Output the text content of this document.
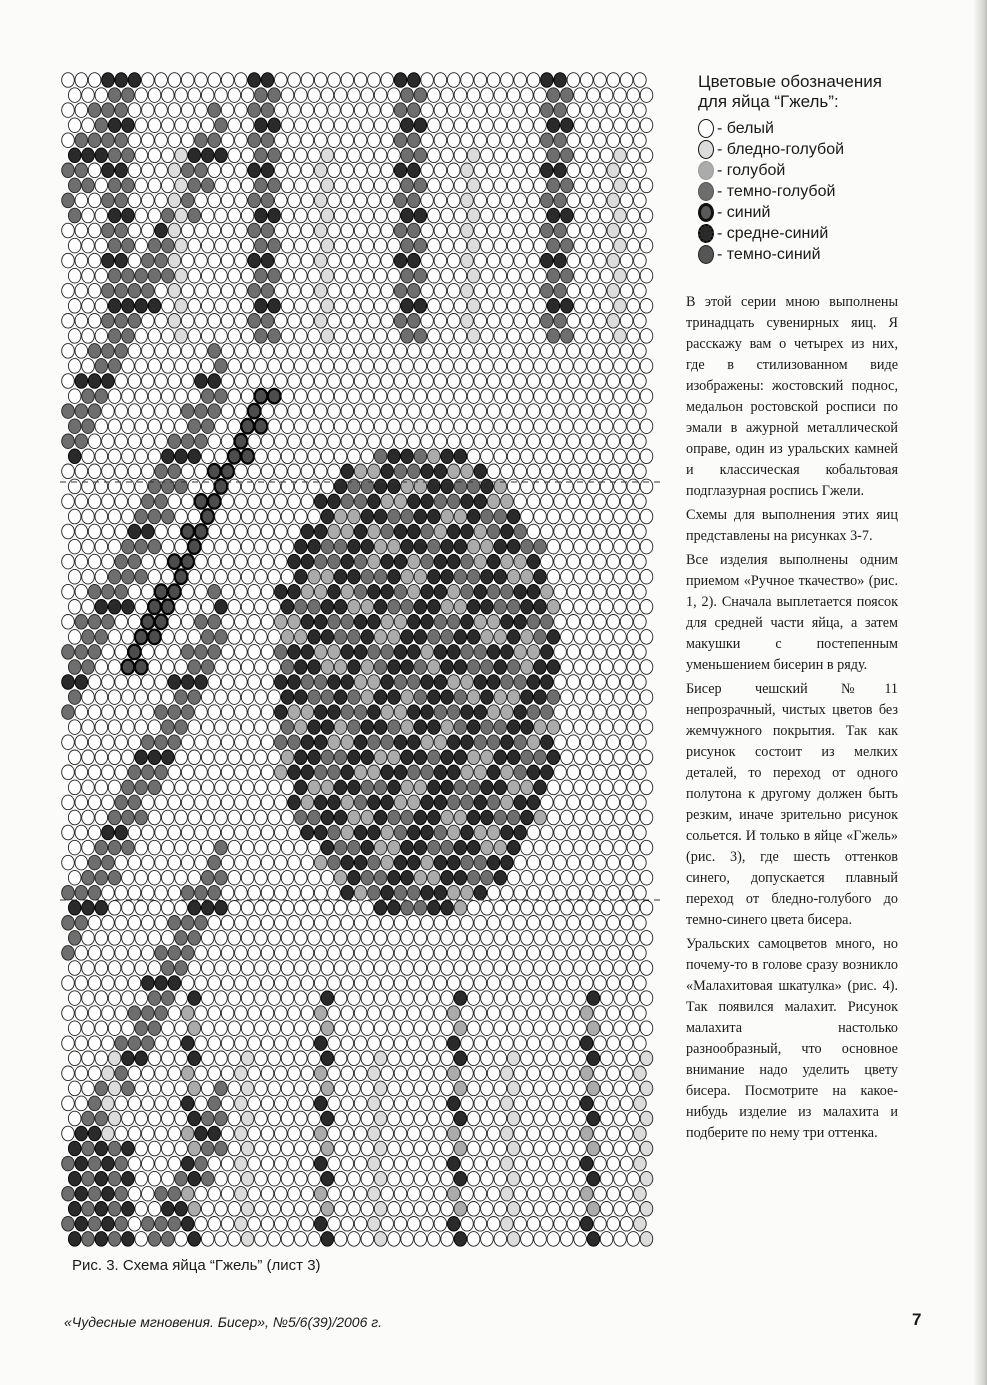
Цветовые обозначения
для яйца “Гжель”:
- белый
- бледно-голубой
- голубой
- темно-голубой
- синий
- средне-синий
- темно-синий

В этой серии мною выполнены тринадцать сувенирных яиц. Я расскажу вам о четырех из них, где в стилизованном виде изображены: жостовский поднос, медальон ростовской росписи по эмали в ажурной металлической оправе, один из уральских камней и классическая кобальтовая подглазурная роспись Гжели.

Схемы для выполнения этих яиц представлены на рисунках 3-7.

Все изделия выполнены одним приемом «Ручное ткачество» (рис. 1, 2). Сначала выплетается поясок для средней части яйца, а затем макушки с постепенным уменьшением бисерин в ряду.

Бисер чешский №11 непрозрачный, чистых цветов без жемчужного покрытия. Так как рисунок состоит из мелких деталей, то переход от одного полутона к другому должен быть резким, иначе зрительно рисунок сольется. И только в яйце «Гжель» (рис. 3), где шесть оттенков синего, допускается плавный переход от бледно-голубого до темно-синего цвета бисера.

Уральских самоцветов много, но почему-то в голове сразу возникло «Малахитовая шкатулка» (рис. 4). Так появился малахит. Рисунок малахита настолько разнообразный, что основное внимание надо уделить цвету бисера. Посмотрите на какое-нибудь изделие из малахита и подберите по нему три оттенка.

Рис. 3. Схема яйца “Гжель” (лист 3)
«Чудесные мгновения. Бисер», №5/6(39)/2006 г.	7
